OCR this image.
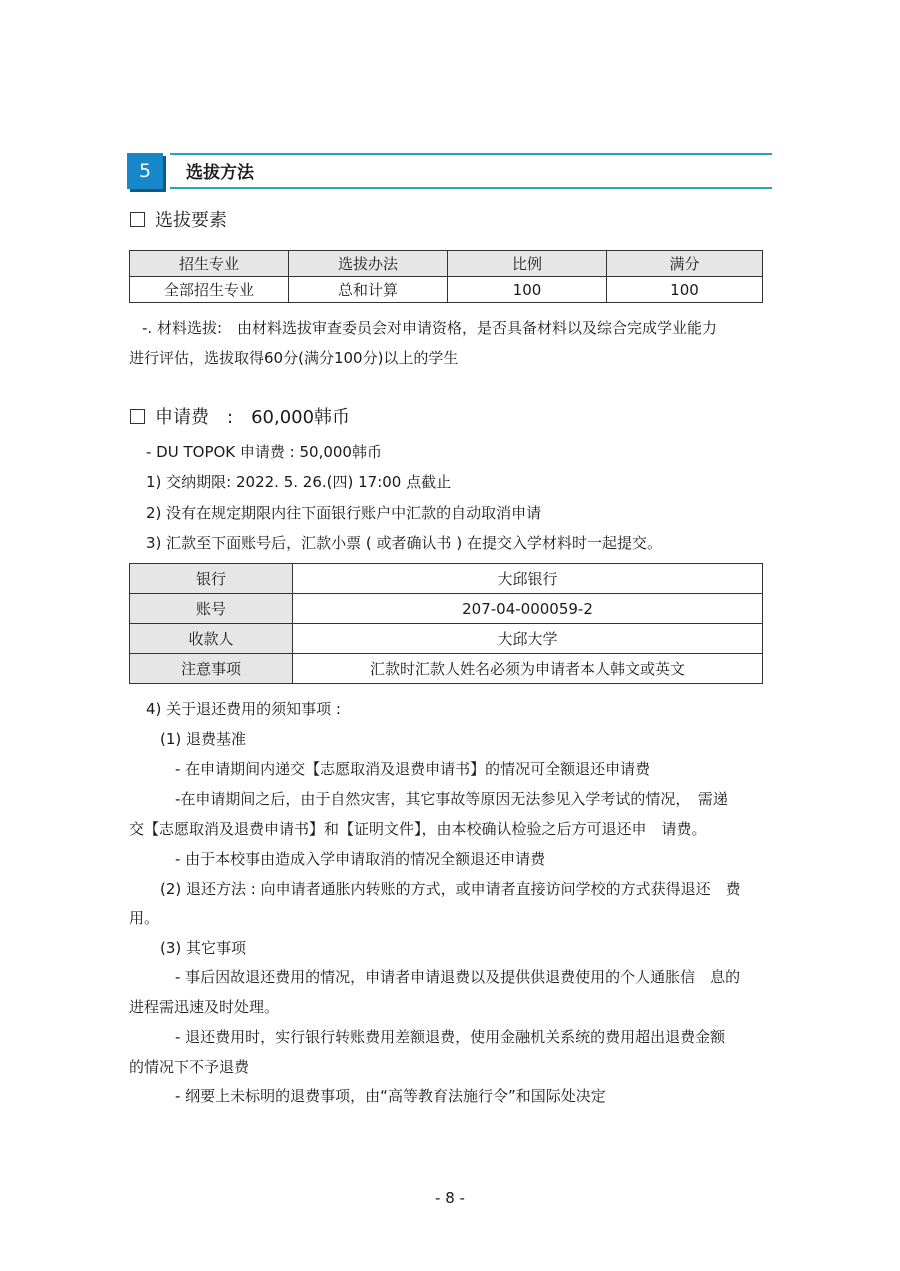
5	选拔方法
选拔要素
招生专业	选拔办法	比例	满分
全部招生专业	总和计算	100	100
-. 材料选拔:　由材料选拔审查委员会对申请资格，是否具备材料以及综合完成学业能力
进行评估，选拔取得60分(满分100分)以上的学生
申请费　:　60,000韩币
- DU TOPOK 申请费 : 50,000韩币
1) 交纳期限: 2022. 5. 26.(四) 17:00 点截止
2) 没有在规定期限内往下面银行账户中汇款的自动取消申请
3) 汇款至下面账号后，汇款小票 ( 或者确认书 ) 在提交入学材料时一起提交。
银行	大邱银行
账号	207-04-000059-2
收款人	大邱大学
注意事项	汇款时汇款人姓名必须为申请者本人韩文或英文
4) 关于退还费用的须知事项 :
(1) 退费基准
- 在申请期间内递交【志愿取消及退费申请书】的情况可全额退还申请费
-在申请期间之后，由于自然灾害，其它事故等原因无法参见入学考试的情况，　需递
交【志愿取消及退费申请书】和【证明文件】，由本校确认检验之后方可退还申　请费。
- 由于本校事由造成入学申请取消的情况全额退还申请费
(2) 退还方法 : 向申请者通胀内转账的方式，或申请者直接访问学校的方式获得退还　费
用。
(3) 其它事项
- 事后因故退还费用的情况，申请者申请退费以及提供供退费使用的个人通胀信　息的
进程需迅速及时处理。
- 退还费用时，实行银行转账费用差额退费，使用金融机关系统的费用超出退费金额
的情况下不予退费
- 纲要上未标明的退费事项，由“高等教育法施行令”和国际处决定
- 8 -
